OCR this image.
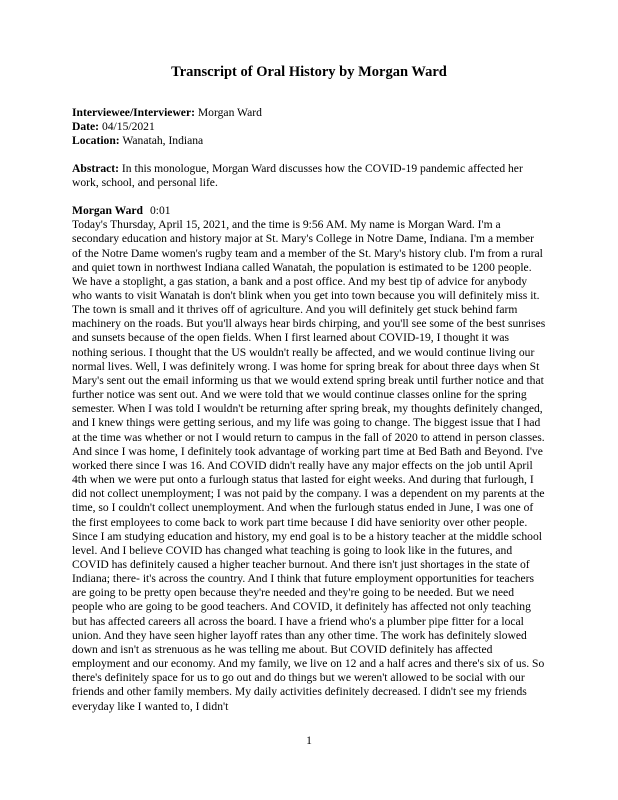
Transcript of Oral History by Morgan Ward
Interviewee/Interviewer: Morgan Ward
Date: 04/15/2021
Location: Wanatah, Indiana
Abstract: In this monologue, Morgan Ward discusses how the COVID-19 pandemic affected her work, school, and personal life.
Morgan Ward 0:01
Today's Thursday, April 15, 2021, and the time is 9:56 AM. My name is Morgan Ward. I'm a secondary education and history major at St. Mary's College in Notre Dame, Indiana. I'm a member of the Notre Dame women's rugby team and a member of the St. Mary's history club. I'm from a rural and quiet town in northwest Indiana called Wanatah, the population is estimated to be 1200 people. We have a stoplight, a gas station, a bank and a post office. And my best tip of advice for anybody who wants to visit Wanatah is don't blink when you get into town because you will definitely miss it. The town is small and it thrives off of agriculture. And you will definitely get stuck behind farm machinery on the roads. But you'll always hear birds chirping, and you'll see some of the best sunrises and sunsets because of the open fields. When I first learned about COVID-19, I thought it was nothing serious. I thought that the US wouldn't really be affected, and we would continue living our normal lives. Well, I was definitely wrong. I was home for spring break for about three days when St Mary's sent out the email informing us that we would extend spring break until further notice and that further notice was sent out. And we were told that we would continue classes online for the spring semester. When I was told I wouldn't be returning after spring break, my thoughts definitely changed, and I knew things were getting serious, and my life was going to change. The biggest issue that I had at the time was whether or not I would return to campus in the fall of 2020 to attend in person classes. And since I was home, I definitely took advantage of working part time at Bed Bath and Beyond. I've worked there since I was 16. And COVID didn't really have any major effects on the job until April 4th when we were put onto a furlough status that lasted for eight weeks. And during that furlough, I did not collect unemployment; I was not paid by the company. I was a dependent on my parents at the time, so I couldn't collect unemployment. And when the furlough status ended in June, I was one of the first employees to come back to work part time because I did have seniority over other people. Since I am studying education and history, my end goal is to be a history teacher at the middle school level. And I believe COVID has changed what teaching is going to look like in the futures, and COVID has definitely caused a higher teacher burnout. And there isn't just shortages in the state of Indiana; there- it's across the country. And I think that future employment opportunities for teachers are going to be pretty open because they're needed and they're going to be needed. But we need people who are going to be good teachers. And COVID, it definitely has affected not only teaching but has affected careers all across the board. I have a friend who's a plumber pipe fitter for a local union. And they have seen higher layoff rates than any other time. The work has definitely slowed down and isn't as strenuous as he was telling me about. But COVID definitely has affected employment and our economy. And my family, we live on 12 and a half acres and there's six of us. So there's definitely space for us to go out and do things but we weren't allowed to be social with our friends and other family members. My daily activities definitely decreased. I didn't see my friends everyday like I wanted to, I didn't
1
